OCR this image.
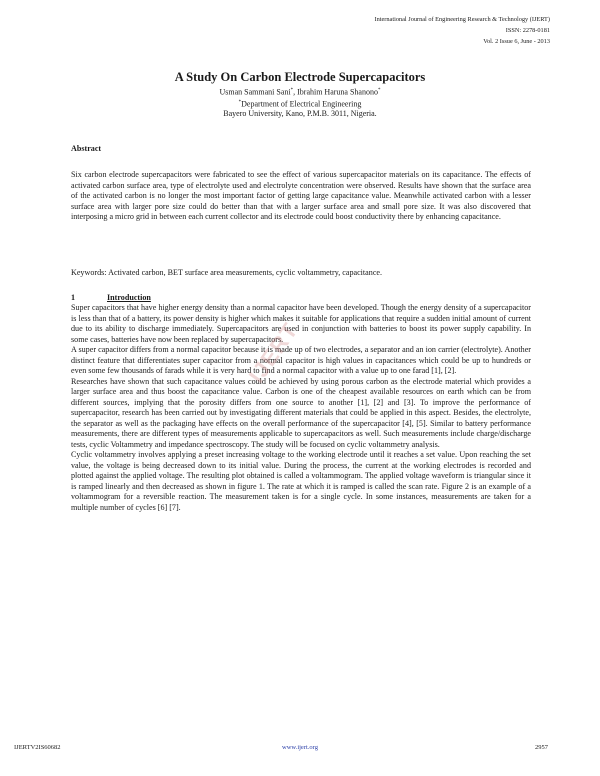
International Journal of Engineering Research & Technology (IJERT)
ISSN: 2278-0181
Vol. 2 Issue 6, June - 2013
A Study On Carbon Electrode Supercapacitors
Usman Sammani Sani*, Ibrahim Haruna Shanono*
*Department of Electrical Engineering
Bayero University, Kano, P.M.B. 3011, Nigeria.
Abstract
Six carbon electrode supercapacitors were fabricated to see the effect of various supercapacitor materials on its capacitance. The effects of activated carbon surface area, type of electrolyte used and electrolyte concentration were observed. Results have shown that the surface area of the activated carbon is no longer the most important factor of getting large capacitance value. Meanwhile activated carbon with a lesser surface area with larger pore size could do better than that with a larger surface area and small pore size. It was also discovered that interposing a micro grid in between each current collector and its electrode could boost conductivity there by enhancing capacitance.
Keywords: Activated carbon, BET surface area measurements, cyclic voltammetry, capacitance.
1	Introduction

Super capacitors that have higher energy density than a normal capacitor have been developed. Though the energy density of a supercapacitor is less than that of a battery, its power density is higher which makes it suitable for applications that require a sudden initial amount of current due to its ability to discharge immediately. Supercapacitors are used in conjunction with batteries to boost its power supply capability. In some cases, batteries have now been replaced by supercapacitors.

A super capacitor differs from a normal capacitor because it is made up of two electrodes, a separator and an ion carrier (electrolyte). Another distinct feature that differentiates super capacitor from a normal capacitor is high values in capacitances which could be up to hundreds or even some few thousands of farads while it is very hard to find a normal capacitor with a value up to one farad [1], [2].

Researches have shown that such capacitance values could be achieved by using porous carbon as the electrode material which provides a larger surface area and thus boost the capacitance value. Carbon is one of the cheapest available resources on earth which can be from different sources, implying that the porosity differs from one source to another [1], [2] and [3]. To improve the performance of supercapacitor, research has been carried out by investigating different materials that could be applied in this aspect. Besides, the electrolyte, the separator as well as the packaging have effects on the overall performance of the supercapacitor [4], [5]. Similar to battery performance measurements, there are different types of measurements applicable to supercapacitors as well. Such measurements include charge/discharge tests, cyclic Voltammetry and impedance spectroscopy. The study will be focused on cyclic voltammetry analysis.

Cyclic voltammetry involves applying a preset increasing voltage to the working electrode until it reaches a set value. Upon reaching the set value, the voltage is being decreased down to its initial value. During the process, the current at the working electrodes is recorded and plotted against the applied voltage. The resulting plot obtained is called a voltammogram. The applied voltage waveform is triangular since it is ramped linearly and then decreased as shown in figure 1. The rate at which it is ramped is called the scan rate. Figure 2 is an example of a voltammogram for a reversible reaction. The measurement taken is for a single cycle. In some instances, measurements are taken for a multiple number of cycles [6] [7].

IJERT
IJERTV2IS60682	www.ijert.org	2957
